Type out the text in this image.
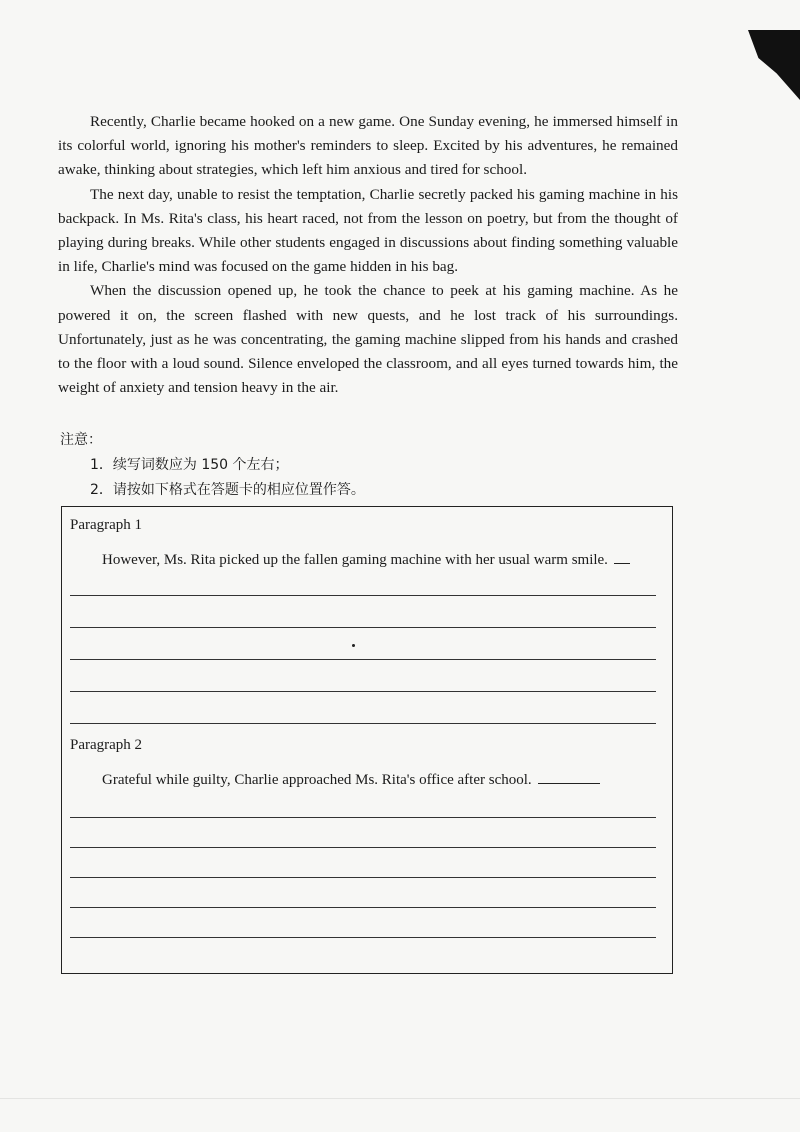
Recently, Charlie became hooked on a new game. One Sunday evening, he immersed himself in its colorful world, ignoring his mother's reminders to sleep. Excited by his adventures, he remained awake, thinking about strategies, which left him anxious and tired for school.

The next day, unable to resist the temptation, Charlie secretly packed his gaming machine in his backpack. In Ms. Rita's class, his heart raced, not from the lesson on poetry, but from the thought of playing during breaks. While other students engaged in discussions about finding something valuable in life, Charlie's mind was focused on the game hidden in his bag.

When the discussion opened up, he took the chance to peek at his gaming machine. As he powered it on, the screen flashed with new quests, and he lost track of his surroundings. Unfortunately, just as he was concentrating, the gaming machine slipped from his hands and crashed to the floor with a loud sound. Silence enveloped the classroom, and all eyes turned towards him, the weight of anxiety and tension heavy in the air.

注意：
1．续写词数应为 150 个左右；
2．请按如下格式在答题卡的相应位置作答。
Paragraph 1
However, Ms. Rita picked up the fallen gaming machine with her usual warm smile.
Paragraph 2
Grateful while guilty, Charlie approached Ms. Rita's office after school.
